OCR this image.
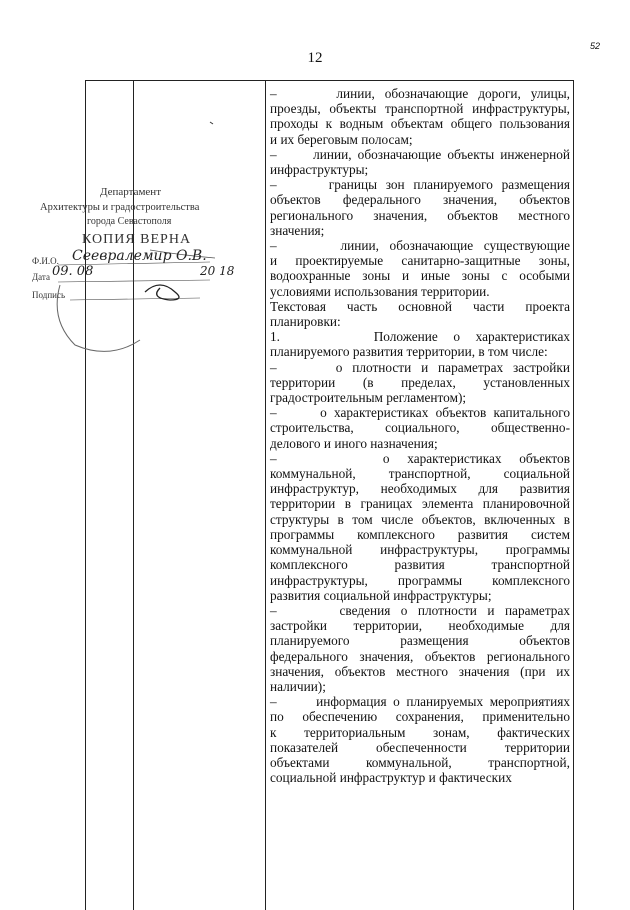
12
52
Департамент
Архитектуры и градостроительства
города Севастополя
КОПИЯ ВЕРНА
Ф.И.О.
Дата
Подпись
Сеевралемир О.В.
09. 08	20 18
–      линии, обозначающие дороги, улицы,
проезды, объекты транспортной инфраструктуры,
проходы к водным объектам общего пользования
и их береговым полосам;
–      линии, обозначающие объекты инженерной
инфраструктуры;
–      границы зон планируемого размещения
объектов федерального значения, объектов
регионального значения, объектов местного
значения;
–      линии, обозначающие существующие
и проектируемые санитарно-защитные зоны,
водоохранные зоны и иные зоны с особыми
условиями использования территории.
Текстовая часть основной части проекта
планировки:
1.      Положение о характеристиках
планируемого развития территории, в том числе:
–      о плотности и параметрах застройки
территории (в пределах, установленных
градостроительным регламентом);
–      о характеристиках объектов капитального
строительства, социального, общественно-
делового и иного назначения;
–      о характеристиках объектов
коммунальной, транспортной, социальной
инфраструктур, необходимых для развития
территории в границах элемента планировочной
структуры в том числе объектов, включенных в
программы комплексного развития систем
коммунальной инфраструктуры, программы
комплексного развития транспортной
инфраструктуры, программы комплексного
развития социальной инфраструктуры;
–      сведения о плотности и параметрах
застройки территории, необходимые для
планируемого размещения объектов
федерального значения, объектов регионального
значения, объектов местного значения (при их
наличии);
–      информация о планируемых мероприятиях
по обеспечению сохранения, применительно
к территориальным зонам, фактических
показателей обеспеченности территории
объектами коммунальной, транспортной,
социальной инфраструктур и фактических
